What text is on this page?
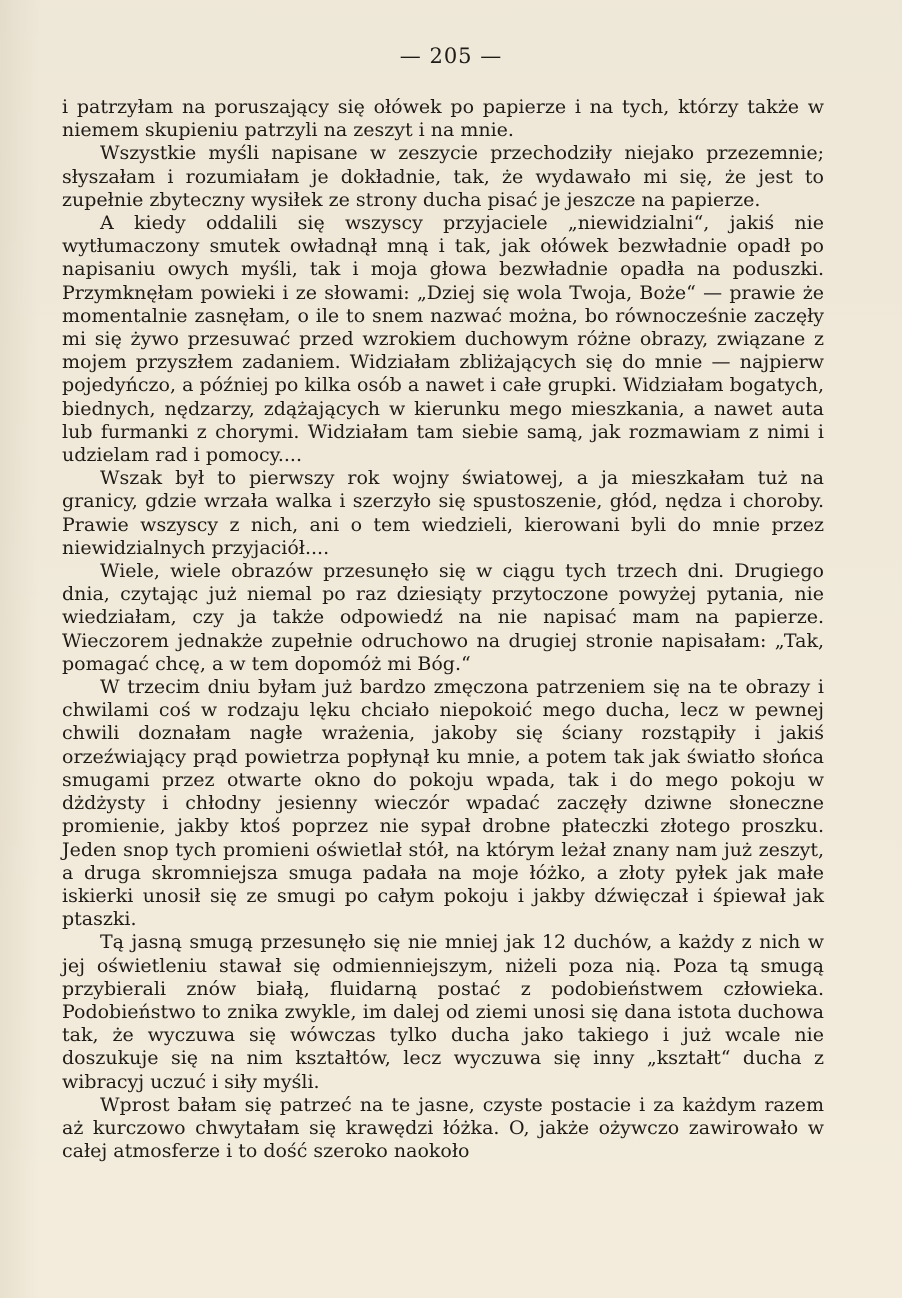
— 205 —

i patrzyłam na poruszający się ołówek po papierze i na tych, którzy także w niemem skupieniu patrzyli na zeszyt i na mnie.

Wszystkie myśli napisane w zeszycie przechodziły niejako przezemnie; słyszałam i rozumiałam je dokładnie, tak, że wydawało mi się, że jest to zupełnie zbyteczny wysiłek ze strony ducha pisać je jeszcze na papierze.

A kiedy oddalili się wszyscy przyjaciele „niewidzialni“, jakiś nie wytłumaczony smutek owładnął mną i tak, jak ołówek bezwładnie opadł po napisaniu owych myśli, tak i moja głowa bezwładnie opadła na poduszki. Przymknęłam powieki i ze słowami: „Dziej się wola Twoja, Boże“ — prawie że momentalnie zasnęłam, o ile to snem nazwać można, bo równocześnie zaczęły mi się żywo przesuwać przed wzrokiem duchowym różne obrazy, związane z mojem przyszłem zadaniem. Widziałam zbliżających się do mnie — najpierw pojedyńczo, a później po kilka osób a nawet i całe grupki. Widziałam bogatych, biednych, nędzarzy, zdążających w kierunku mego mieszkania, a nawet auta lub furmanki z chorymi. Widziałam tam siebie samą, jak rozmawiam z nimi i udzielam rad i pomocy....

Wszak był to pierwszy rok wojny światowej, a ja mieszkałam tuż na granicy, gdzie wrzała walka i szerzyło się spustoszenie, głód, nędza i choroby. Prawie wszyscy z nich, ani o tem wiedzieli, kierowani byli do mnie przez niewidzialnych przyjaciół....

Wiele, wiele obrazów przesunęło się w ciągu tych trzech dni. Drugiego dnia, czytając już niemal po raz dziesiąty przytoczone powyżej pytania, nie wiedziałam, czy ja także odpowiedź na nie napisać mam na papierze. Wieczorem jednakże zupełnie odruchowo na drugiej stronie napisałam: „Tak, pomagać chcę, a w tem dopomóż mi Bóg.“

W trzecim dniu byłam już bardzo zmęczona patrzeniem się na te obrazy i chwilami coś w rodzaju lęku chciało niepokoić mego ducha, lecz w pewnej chwili doznałam nagłe wrażenia, jakoby się ściany rozstąpiły i jakiś orzeźwiający prąd powietrza popłynął ku mnie, a potem tak jak światło słońca smugami przez otwarte okno do pokoju wpada, tak i do mego pokoju w dżdżysty i chłodny jesienny wieczór wpadać zaczęły dziwne słoneczne promienie, jakby ktoś poprzez nie sypał drobne płateczki złotego proszku. Jeden snop tych promieni oświetlał stół, na którym leżał znany nam już zeszyt, a druga skromniejsza smuga padała na moje łóżko, a złoty pyłek jak małe iskierki unosił się ze smugi po całym pokoju i jakby dźwięczał i śpiewał jak ptaszki.

Tą jasną smugą przesunęło się nie mniej jak 12 duchów, a każdy z nich w jej oświetleniu stawał się odmienniejszym, niżeli poza nią. Poza tą smugą przybierali znów białą, fluidarną postać z podobieństwem człowieka. Podobieństwo to znika zwykle, im dalej od ziemi unosi się dana istota duchowa tak, że wyczuwa się wówczas tylko ducha jako takiego i już wcale nie doszukuje się na nim kształtów, lecz wyczuwa się inny „kształt“ ducha z wibracyj uczuć i siły myśli.

Wprost bałam się patrzeć na te jasne, czyste postacie i za każdym razem aż kurczowo chwytałam się krawędzi łóżka. O, jakże ożywczo zawirowało w całej atmosferze i to dość szeroko naokoło
